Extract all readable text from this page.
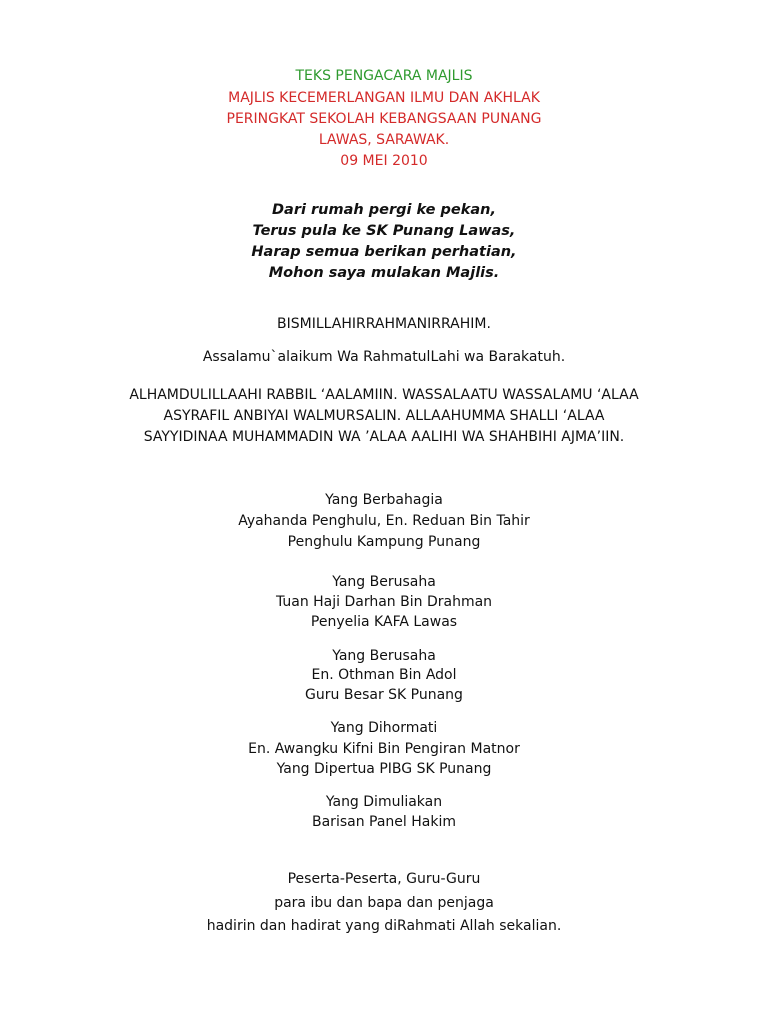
TEKS PENGACARA MAJLIS
MAJLIS KECEMERLANGAN ILMU DAN AKHLAK
PERINGKAT SEKOLAH KEBANGSAAN PUNANG
LAWAS, SARAWAK.
09 MEI 2010
Dari rumah pergi ke pekan,
Terus pula ke SK Punang Lawas,
Harap semua berikan perhatian,
Mohon saya mulakan Majlis.
BISMILLAHIRRAHMANIRRAHIM.
Assalamu`alaikum Wa RahmatulLahi wa Barakatuh.
ALHAMDULILLAAHI RABBIL ‘AALAMIIN. WASSALAATU WASSALAMU ‘ALAA
ASYRAFIL ANBIYAI WALMURSALIN. ALLAAHUMMA SHALLI ‘ALAA
SAYYIDINAA MUHAMMADIN WA ’ALAA AALIHI WA SHAHBIHI AJMA’IIN.
Yang Berbahagia
Ayahanda Penghulu, En. Reduan Bin Tahir
Penghulu Kampung Punang
Yang Berusaha
Tuan Haji Darhan Bin Drahman
Penyelia KAFA Lawas
Yang Berusaha
En. Othman Bin Adol
Guru Besar SK Punang
Yang Dihormati
En. Awangku Kifni Bin Pengiran Matnor
Yang Dipertua PIBG SK Punang
Yang Dimuliakan
Barisan Panel Hakim
Peserta-Peserta, Guru-Guru
para ibu dan bapa dan penjaga
hadirin dan hadirat yang diRahmati Allah sekalian.
